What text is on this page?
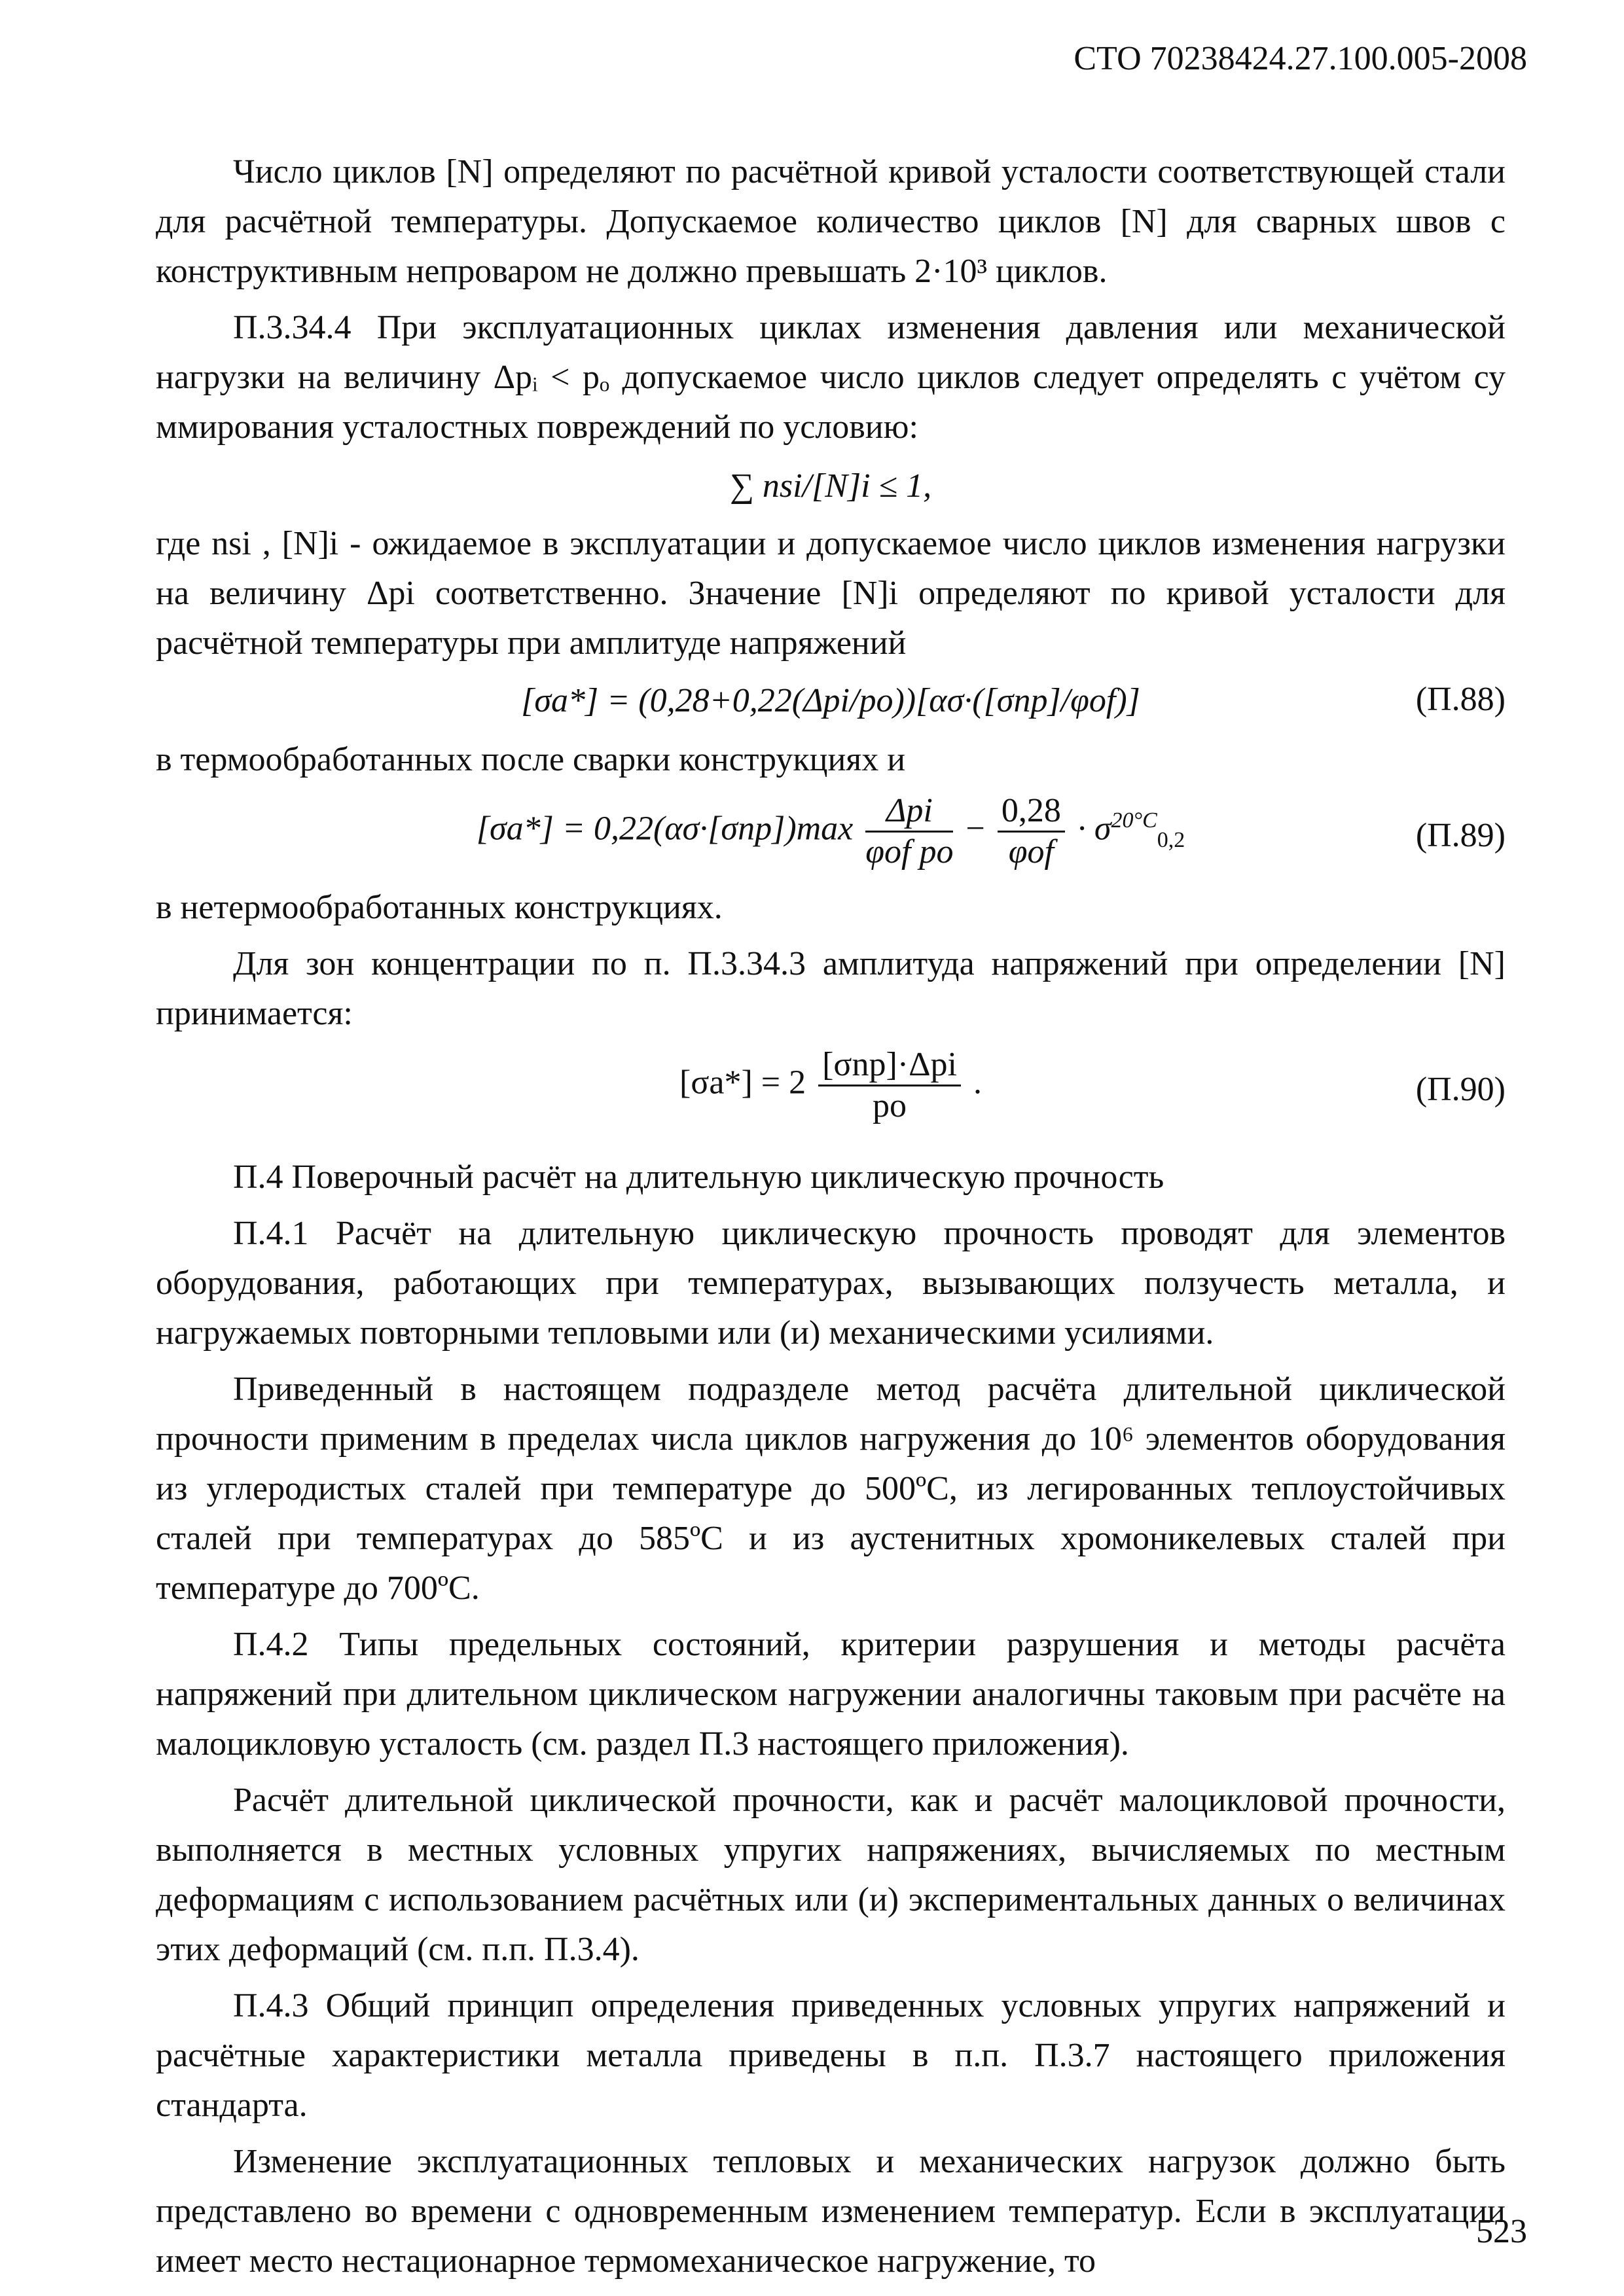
СТО 70238424.27.100.005-2008

Число циклов [N] определяют по расчётной кривой усталости соответствующей стали для расчётной температуры. Допускаемое количество циклов [N] для сварных швов с конструктивным непроваром не должно превышать 2·10³ циклов.

П.3.34.4 При эксплуатационных циклах изменения давления или механической нагрузки на величину Δpᵢ < pₒ допускаемое число циклов следует определять с учётом су ммирования усталостных повреждений по условию:

∑ nsi/[N]i ≤ 1,

где nsi , [N]i - ожидаемое в эксплуатации и допускаемое число циклов изменения нагрузки на величину Δpi соответственно. Значение [N]i определяют по кривой усталости для расчётной температуры при амплитуде напряжений

[σa*] = (0,28+0,22(Δpi/po))[ασ·([σnp]/φof)]	(П.88)

в термообработанных после сварки конструкциях и

$[\sigma a*] = 0,22(\alpha\sigma\cdot[\sigma np])\max \frac{\text{Δpi}}{\text{φof po}} - \frac{0,28}{\text{φof}} \cdot \sigma^{20^\circ C}_{0,2}$	(П.89)

в нетермообработанных конструкциях.

Для зон концентрации по п. П.3.34.3 амплитуда напряжений при определении [N] принимается:

$[\sigma a*] = 2 \frac{\text{[σnp]·Δpi}}{po}$ .	(П.90)

П.4 Поверочный расчёт на длительную циклическую прочность

П.4.1 Расчёт на длительную циклическую прочность проводят для элементов оборудования, работающих при температурах, вызывающих ползучесть металла, и нагружаемых повторными тепловыми или (и) механическими усилиями.

Приведенный в настоящем подразделе метод расчёта длительной циклической прочности применим в пределах числа циклов нагружения до 10⁶ элементов оборудования из углеродистых сталей при температуре до 500ºС, из легированных теплоустойчивых сталей при температурах до 585ºС и из аустенитных хромоникелевых сталей при температуре до 700ºС.

П.4.2 Типы предельных состояний, критерии разрушения и методы расчёта напряжений при длительном циклическом нагружении аналогичны таковым при расчёте на малоцикловую усталость (см. раздел П.3 настоящего приложения).

Расчёт длительной циклической прочности, как и расчёт малоцикловой прочности, выполняется в местных условных упругих напряжениях, вычисляемых по местным деформациям с использованием расчётных или (и) экспериментальных данных о величинах этих деформаций (см. п.п. П.3.4).

П.4.3 Общий принцип определения приведенных условных упругих напряжений и расчётные характеристики металла приведены в п.п. П.3.7 настоящего приложения стандарта.

Изменение эксплуатационных тепловых и механических нагрузок должно быть представлено во времени с одновременным изменением температур. Если в эксплуатации имеет место нестационарное термомеханическое нагружение, то

523
